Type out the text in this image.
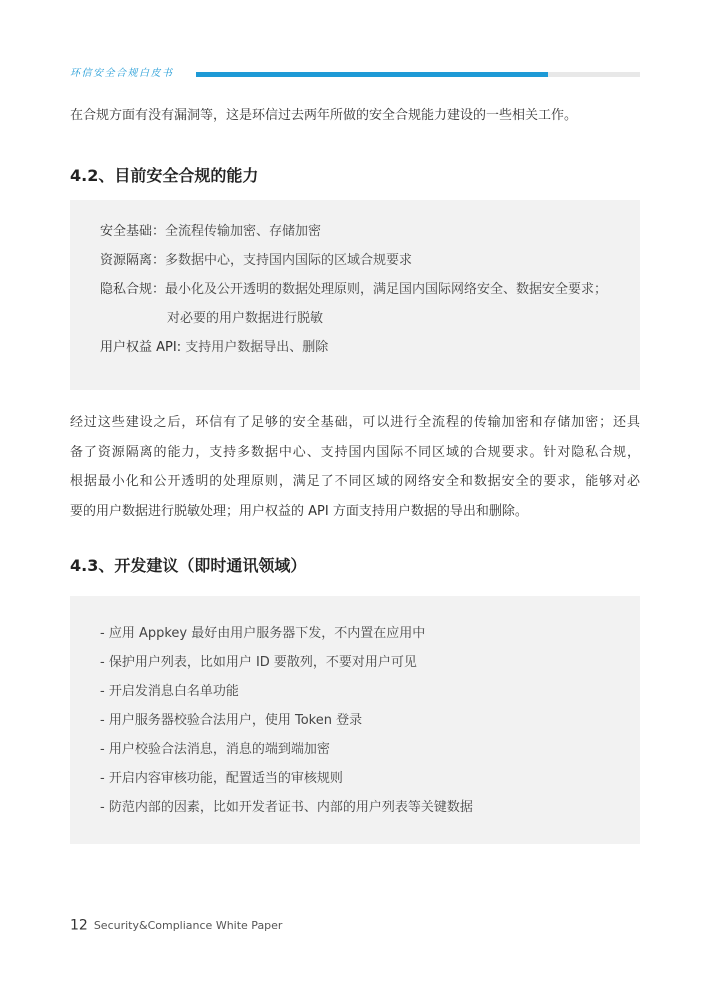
环信安全合规白皮书
在合规方面有没有漏洞等，这是环信过去两年所做的安全合规能力建设的一些相关工作。
4.2、目前安全合规的能力
安全基础：全流程传输加密、存储加密
资源隔离：多数据中心，支持国内国际的区域合规要求
隐私合规：最小化及公开透明的数据处理原则，满足国内国际网络安全、数据安全要求；
对必要的用户数据进行脱敏
用户权益 API: 支持用户数据导出、删除
经过这些建设之后，环信有了足够的安全基础，可以进行全流程的传输加密和存储加密；还具
备了资源隔离的能力，支持多数据中心、支持国内国际不同区域的合规要求。针对隐私合规，
根据最小化和公开透明的处理原则，满足了不同区域的网络安全和数据安全的要求，能够对必
要的用户数据进行脱敏处理；用户权益的 API 方面支持用户数据的导出和删除。
4.3、开发建议（即时通讯领域）
- 应用 Appkey 最好由用户服务器下发，不内置在应用中
- 保护用户列表，比如用户 ID 要散列，不要对用户可见
- 开启发消息白名单功能
- 用户服务器校验合法用户，使用 Token 登录
- 用户校验合法消息，消息的端到端加密
- 开启内容审核功能，配置适当的审核规则
- 防范内部的因素，比如开发者证书、内部的用户列表等关键数据
12 Security&Compliance White Paper
